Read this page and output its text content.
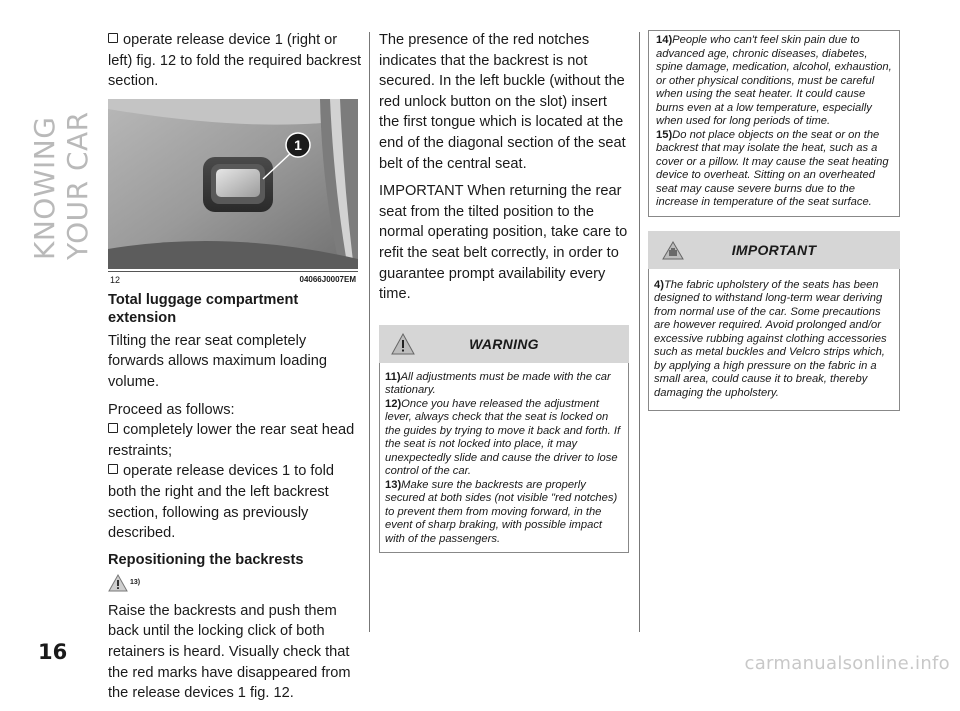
KNOWING YOUR CAR
16	carmanualsonline.info

operate release device 1 (right or left) fig. 12 to fold the required backrest section.

1
12	04066J0007EM
Total luggage compartment extension

Tilting the rear seat completely forwards allows maximum loading volume.

Proceed as follows:

completely lower the rear seat head restraints;

operate release devices 1 to fold both the right and the left backrest section, following as previously described.

Repositioning the backrests
13)

Raise the backrests and push them back until the locking click of both retainers is heard. Visually check that the red marks have disappeared from the release devices 1 fig. 12.

The presence of the red notches indicates that the backrest is not secured. In the left buckle (without the red unlock button on the slot) insert the first tongue which is located at the end of the diagonal section of the seat belt of the central seat.

IMPORTANT When returning the rear seat from the tilted position to the normal operating position, take care to refit the seat belt correctly, in order to guarantee prompt availability every time.

WARNING

11)All adjustments must be made with the car stationary.

12)Once you have released the adjustment lever, always check that the seat is locked on the guides by trying to move it back and forth. If the seat is not locked into place, it may unexpectedly slide and cause the driver to lose control of the car.

13)Make sure the backrests are properly secured at both sides (not visible "red notches) to prevent them from moving forward, in the event of sharp braking, with possible impact with of the passengers.

14)People who can't feel skin pain due to advanced age, chronic diseases, diabetes, spine damage, medication, alcohol, exhaustion, or other physical conditions, must be careful when using the seat heater. It could cause burns even at a low temperature, especially when used for long periods of time.

15)Do not place objects on the seat or on the backrest that may isolate the heat, such as a cover or a pillow. It may cause the seat heating device to overheat. Sitting on an overheated seat may cause severe burns due to the increase in temperature of the seat surface.

IMPORTANT

4)The fabric upholstery of the seats has been designed to withstand long-term wear deriving from normal use of the car. Some precautions are however required. Avoid prolonged and/or excessive rubbing against clothing accessories such as metal buckles and Velcro strips which, by applying a high pressure on the fabric in a small area, could cause it to break, thereby damaging the upholstery.
